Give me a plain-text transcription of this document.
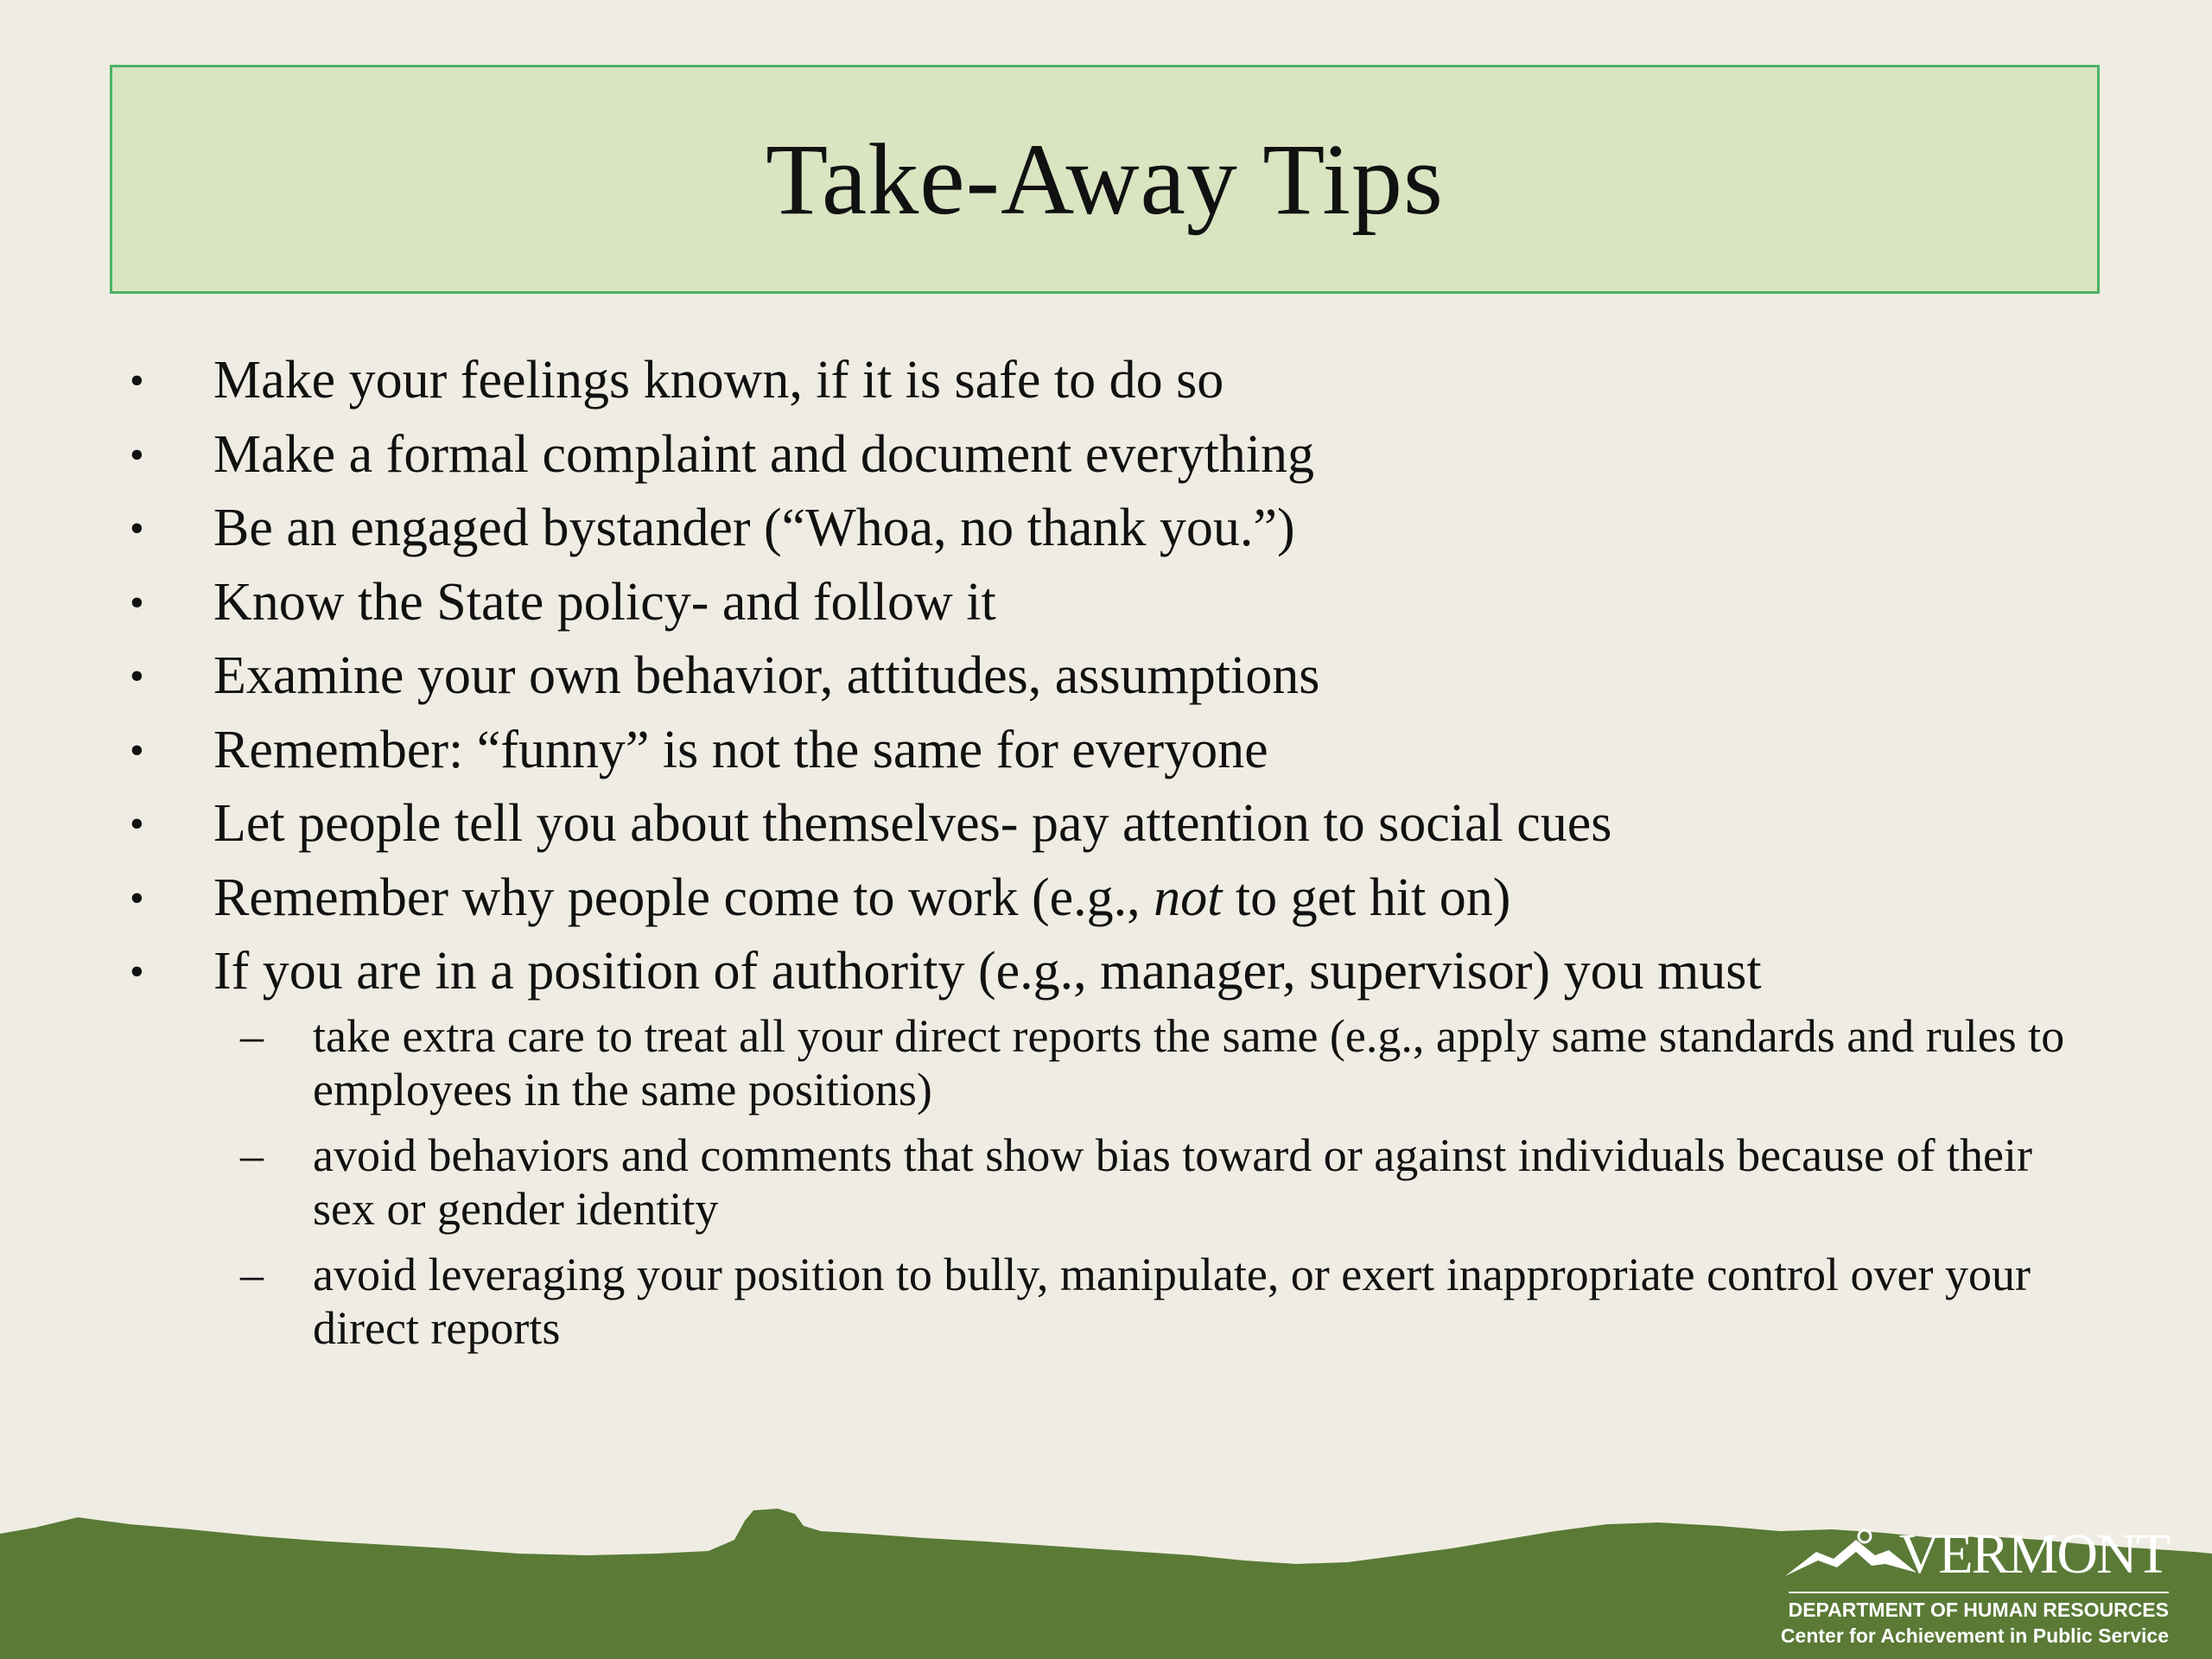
Take-Away Tips
•	Make your feelings known, if it is safe to do so
•	Make a formal complaint and document everything
•	Be an engaged bystander (“Whoa, no thank you.”)
•	Know the State policy- and follow it
•	Examine your own behavior, attitudes, assumptions
•	Remember: “funny” is not the same for everyone
•	Let people tell you about themselves- pay attention to social cues
•	Remember why people come to work (e.g., not to get hit on)
•	If you are in a position of authority (e.g., manager, supervisor) you must
– take extra care to treat all your direct reports the same (e.g., apply same standards and rules to employees in the same positions)
– avoid behaviors and comments that show bias toward or against individuals because of their sex or gender identity
– avoid leveraging your position to bully, manipulate, or exert inappropriate control over your direct reports
VERMONT
DEPARTMENT OF HUMAN RESOURCES
Center for Achievement in Public Service
